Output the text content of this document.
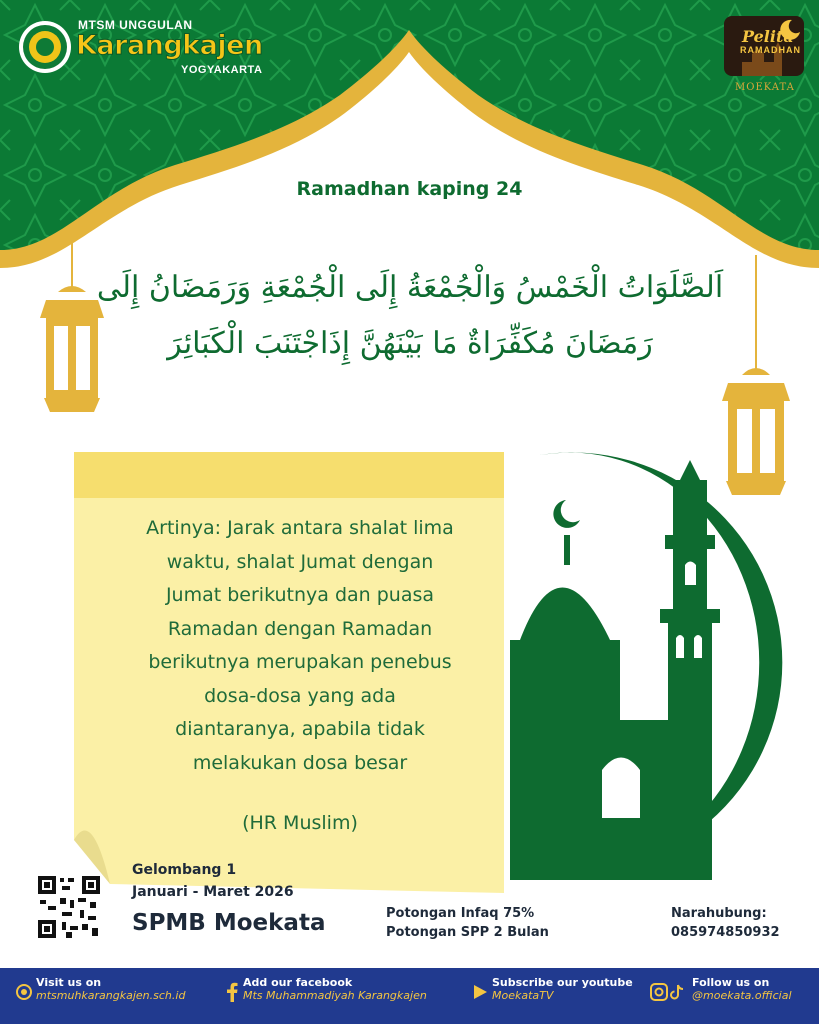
MTSM UNGGULAN
Karangkajen
YOGYAKARTA
Pelita
RAMADHAN
MOEKATA
Ramadhan kaping 24
اَلصَّلَوَاتُ الْخَمْسُ وَالْجُمْعَةُ إِلَى الْجُمْعَةِ وَرَمَضَانُ إِلَى
رَمَضَانَ مُكَفِّرَاةٌ مَا بَيْنَهُنَّ إِذَاجْتَنَبَ الْكَبَائِرَ
Artinya: Jarak antara shalat lima
waktu, shalat Jumat dengan
Jumat berikutnya dan puasa
Ramadan dengan Ramadan
berikutnya merupakan penebus
dosa-dosa yang ada
diantaranya, apabila tidak
melakukan dosa besar
(HR Muslim)
Gelombang 1
Januari - Maret 2026
SPMB Moekata	Potongan Infaq 75%
Potongan SPP 2 Bulan
Narahubung:
085974850932
Visit us on
mtsmuhkarangkajen.sch.id
Add our facebook
Mts Muhammadiyah Karangkajen
Subscribe our youtube
MoekataTV
Follow us on
@moekata.official
